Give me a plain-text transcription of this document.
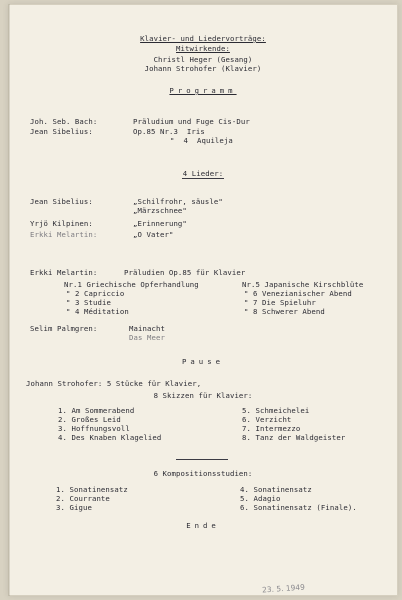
Klavier- und Liedervorträge:
Mitwirkende:
Christl Heger (Gesang)
Johann Strohofer (Klavier)
Programm
Joh. Seb. Bach:	Präludium und Fuge Cis-Dur
Jean Sibelius:	Op.85 Nr.3  Iris
"  4  Aquileja
4 Lieder:
Jean Sibelius:	„Schilfrohr, säusle"
„Märzschnee"
Yrjö Kilpinen:	„Erinnerung"
Erkki Melartin:	„O Vater"
Erkki Melartin:	Präludien Op.85 für Klavier
Nr.1 Griechische Opferhandlung
" 2 Capriccio
" 3 Studie
" 4 Méditation
Nr.5 Japanische Kirschblüte
" 6 Venezianischer Abend
" 7 Die Spieluhr
" 8 Schwerer Abend
Selim Palmgren:	Mainacht
Das Meer
Pause
Johann Strohofer: 5 Stücke für Klavier,
8 Skizzen für Klavier:
1. Am Sommerabend
2. Großes Leid
3. Hoffnungsvoll
4. Des Knaben Klagelied
5. Schmeichelei
6. Verzicht
7. Intermezzo
8. Tanz der Waldgeister
6 Kompositionsstudien:
1. Sonatinensatz
2. Courrante
3. Gigue
4. Sonatinensatz
5. Adagio
6. Sonatinensatz (Finale).
Ende
23. 5. 1949
